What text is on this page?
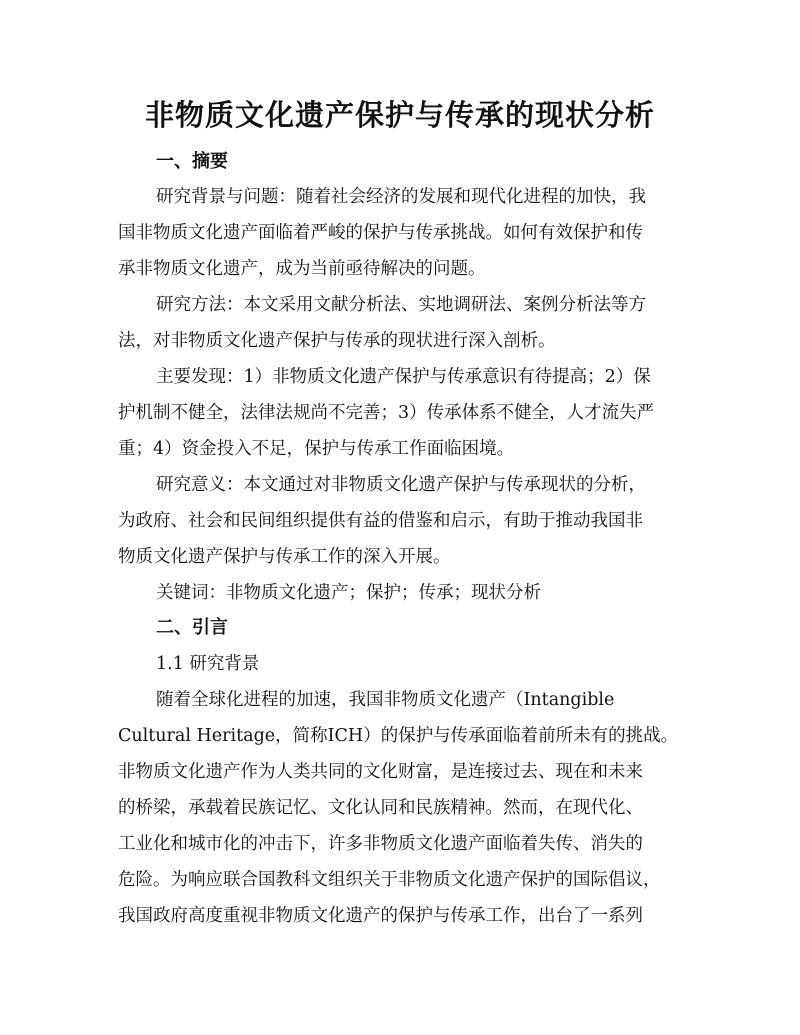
非物质文化遗产保护与传承的现状分析
一、摘要
研究背景与问题：随着社会经济的发展和现代化进程的加快，我
国非物质文化遗产面临着严峻的保护与传承挑战。如何有效保护和传
承非物质文化遗产，成为当前亟待解决的问题。
研究方法：本文采用文献分析法、实地调研法、案例分析法等方
法，对非物质文化遗产保护与传承的现状进行深入剖析。
主要发现：1）非物质文化遗产保护与传承意识有待提高；2）保
护机制不健全，法律法规尚不完善；3）传承体系不健全，人才流失严
重；4）资金投入不足，保护与传承工作面临困境。
研究意义：本文通过对非物质文化遗产保护与传承现状的分析，
为政府、社会和民间组织提供有益的借鉴和启示，有助于推动我国非
物质文化遗产保护与传承工作的深入开展。
关键词：非物质文化遗产；保护；传承；现状分析
二、引言
1.1 研究背景
随着全球化进程的加速，我国非物质文化遗产（Intangible
Cultural Heritage，简称ICH）的保护与传承面临着前所未有的挑战。
非物质文化遗产作为人类共同的文化财富，是连接过去、现在和未来
的桥梁，承载着民族记忆、文化认同和民族精神。然而，在现代化、
工业化和城市化的冲击下，许多非物质文化遗产面临着失传、消失的
危险。为响应联合国教科文组织关于非物质文化遗产保护的国际倡议，
我国政府高度重视非物质文化遗产的保护与传承工作，出台了一系列
